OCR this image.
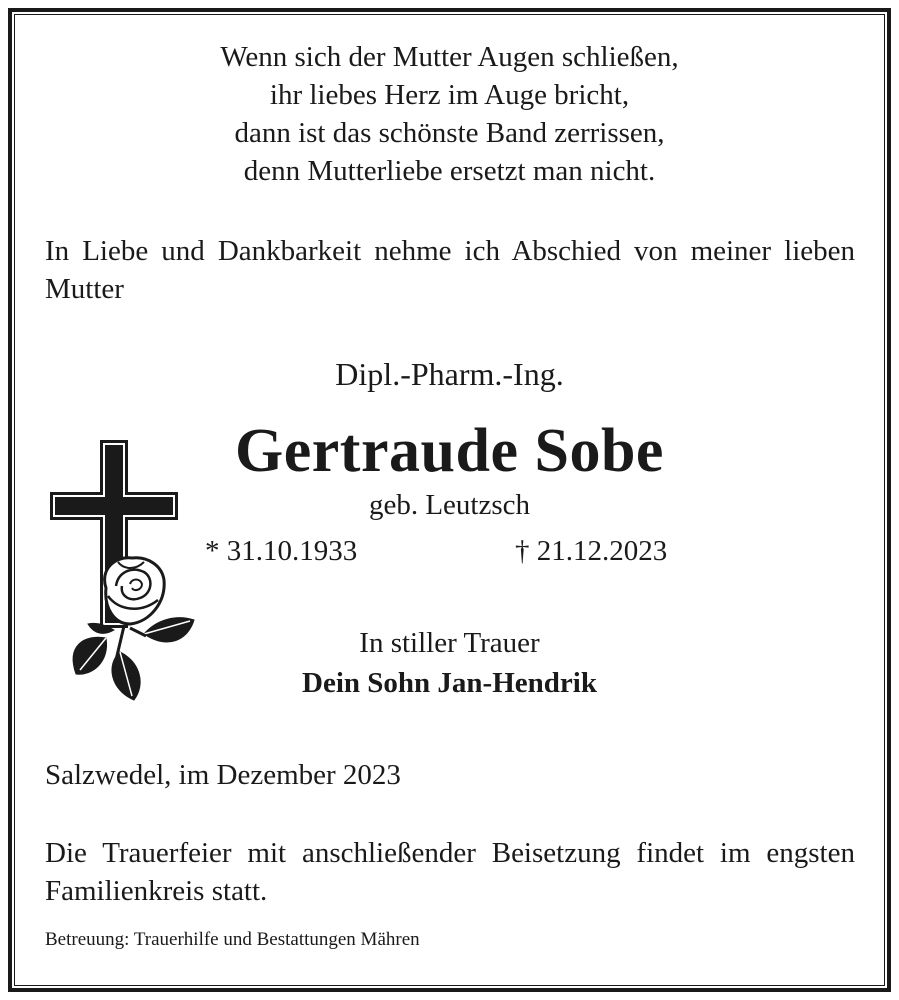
Wenn sich der Mutter Augen schließen,
ihr liebes Herz im Auge bricht,
dann ist das schönste Band zerrissen,
denn Mutterliebe ersetzt man nicht.
In Liebe und Dankbarkeit nehme ich Abschied von meiner lieben Mutter
Dipl.-Pharm.-Ing.
Gertraude Sobe
geb. Leutzsch
* 31.10.1933	† 21.12.2023
In stiller Trauer
Dein Sohn Jan-Hendrik
Salzwedel, im Dezember 2023
Die Trauerfeier mit anschließender Beisetzung findet im engsten Familienkreis statt.
Betreuung: Trauerhilfe und Bestattungen Mähren
